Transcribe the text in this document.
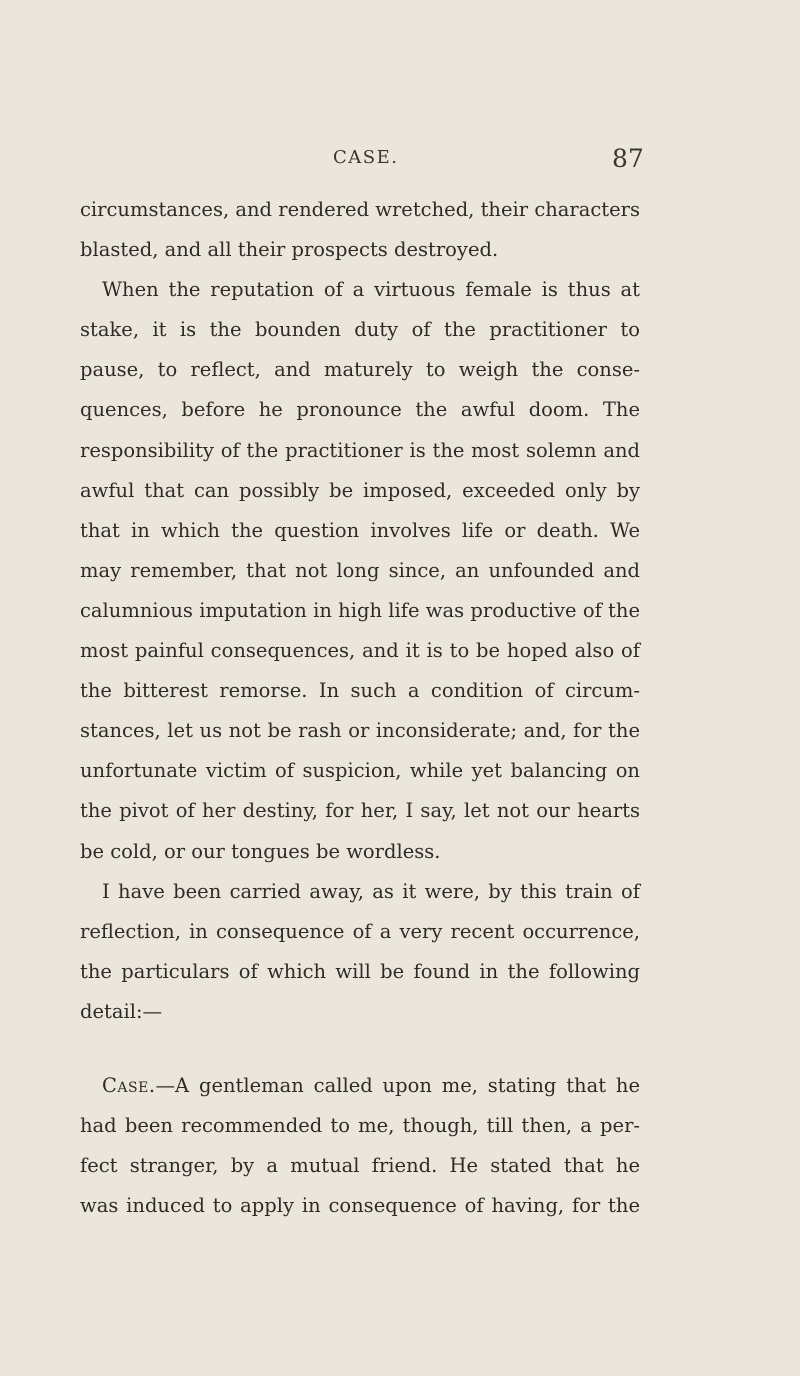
CASE.	87
circumstances, and rendered wretched, their characters
blasted, and all their prospects destroyed.
When the reputation of a virtuous female is thus at
stake, it is the bounden duty of the practitioner to
pause, to reflect, and maturely to weigh the conse-
quences, before he pronounce the awful doom. The
responsibility of the practitioner is the most solemn and
awful that can possibly be imposed, exceeded only by
that in which the question involves life or death. We
may remember, that not long since, an unfounded and
calumnious imputation in high life was productive of the
most painful consequences, and it is to be hoped also of
the bitterest remorse. In such a condition of circum-
stances, let us not be rash or inconsiderate; and, for the
unfortunate victim of suspicion, while yet balancing on
the pivot of her destiny, for her, I say, let not our hearts
be cold, or our tongues be wordless.
I have been carried away, as it were, by this train of
reflection, in consequence of a very recent occurrence,
the particulars of which will be found in the following
detail:—
Case.—A gentleman called upon me, stating that he
had been recommended to me, though, till then, a per-
fect stranger, by a mutual friend. He stated that he
was induced to apply in consequence of having, for the
